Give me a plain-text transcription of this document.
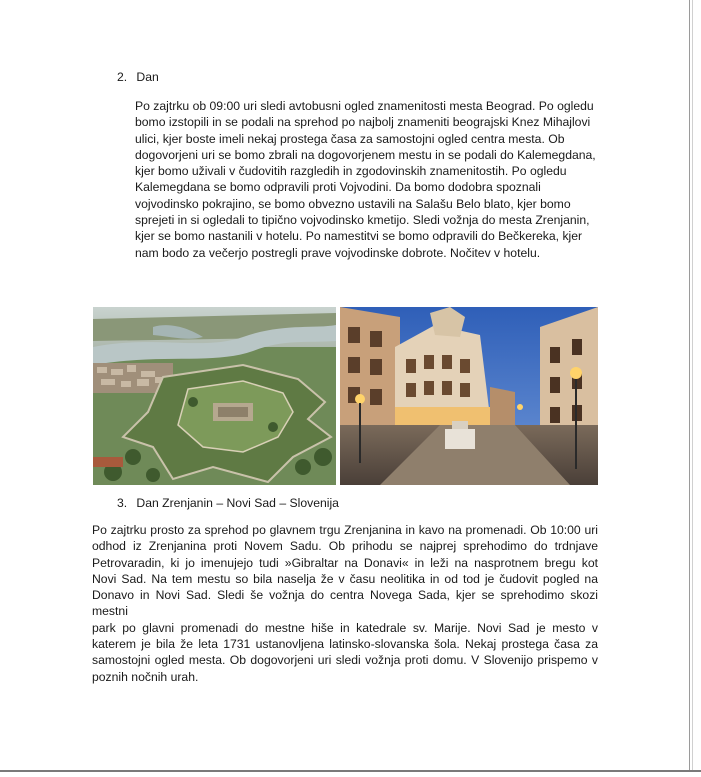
2. Dan
Po zajtrku ob 09:00 uri sledi avtobusni ogled znamenitosti mesta Beograd. Po ogledu
bomo izstopili in se podali na sprehod po najbolj znameniti beograjski Knez Mihajlovi
ulici, kjer boste imeli nekaj prostega časa za samostojni ogled centra mesta. Ob
dogovorjeni uri se bomo zbrali na dogovorjenem mestu in se podali do Kalemegdana,
kjer bomo uživali v čudovitih razgledih in zgodovinskih znamenitostih. Po ogledu
Kalemegdana se bomo odpravili proti Vojvodini. Da bomo dodobra spoznali
vojvodinsko pokrajino, se bomo obvezno ustavili na Salašu Belo blato, kjer bomo
sprejeti in si ogledali to tipično vojvodinsko kmetijo. Sledi vožnja do mesta Zrenjanin,
kjer se bomo nastanili v hotelu. Po namestitvi se bomo odpravili do Bečkereka, kjer
nam bodo za večerjo postregli prave vojvodinske dobrote. Nočitev v hotelu.
3. Dan Zrenjanin – Novi Sad – Slovenija
Po zajtrku prosto za sprehod po glavnem trgu Zrenjanina in kavo na promenadi. Ob 10:00 uri
odhod iz Zrenjanina proti Novem Sadu. Ob prihodu se najprej sprehodimo do trdnjave
Petrovaradin, ki jo imenujejo tudi »Gibraltar na Donavi« in leži na nasprotnem bregu kot
Novi Sad. Na tem mestu so bila naselja že v času neolitika in od tod je čudovit pogled na
Donavo in Novi Sad. Sledi še vožnja do centra Novega Sada, kjer se sprehodimo skozi mestni
park po glavni promenadi do mestne hiše in katedrale sv. Marije. Novi Sad je mesto v
katerem je bila že leta 1731 ustanovljena latinsko-slovanska šola. Nekaj prostega časa za
samostojni ogled mesta. Ob dogovorjeni uri sledi vožnja proti domu. V Slovenijo prispemo v
poznih nočnih urah.
